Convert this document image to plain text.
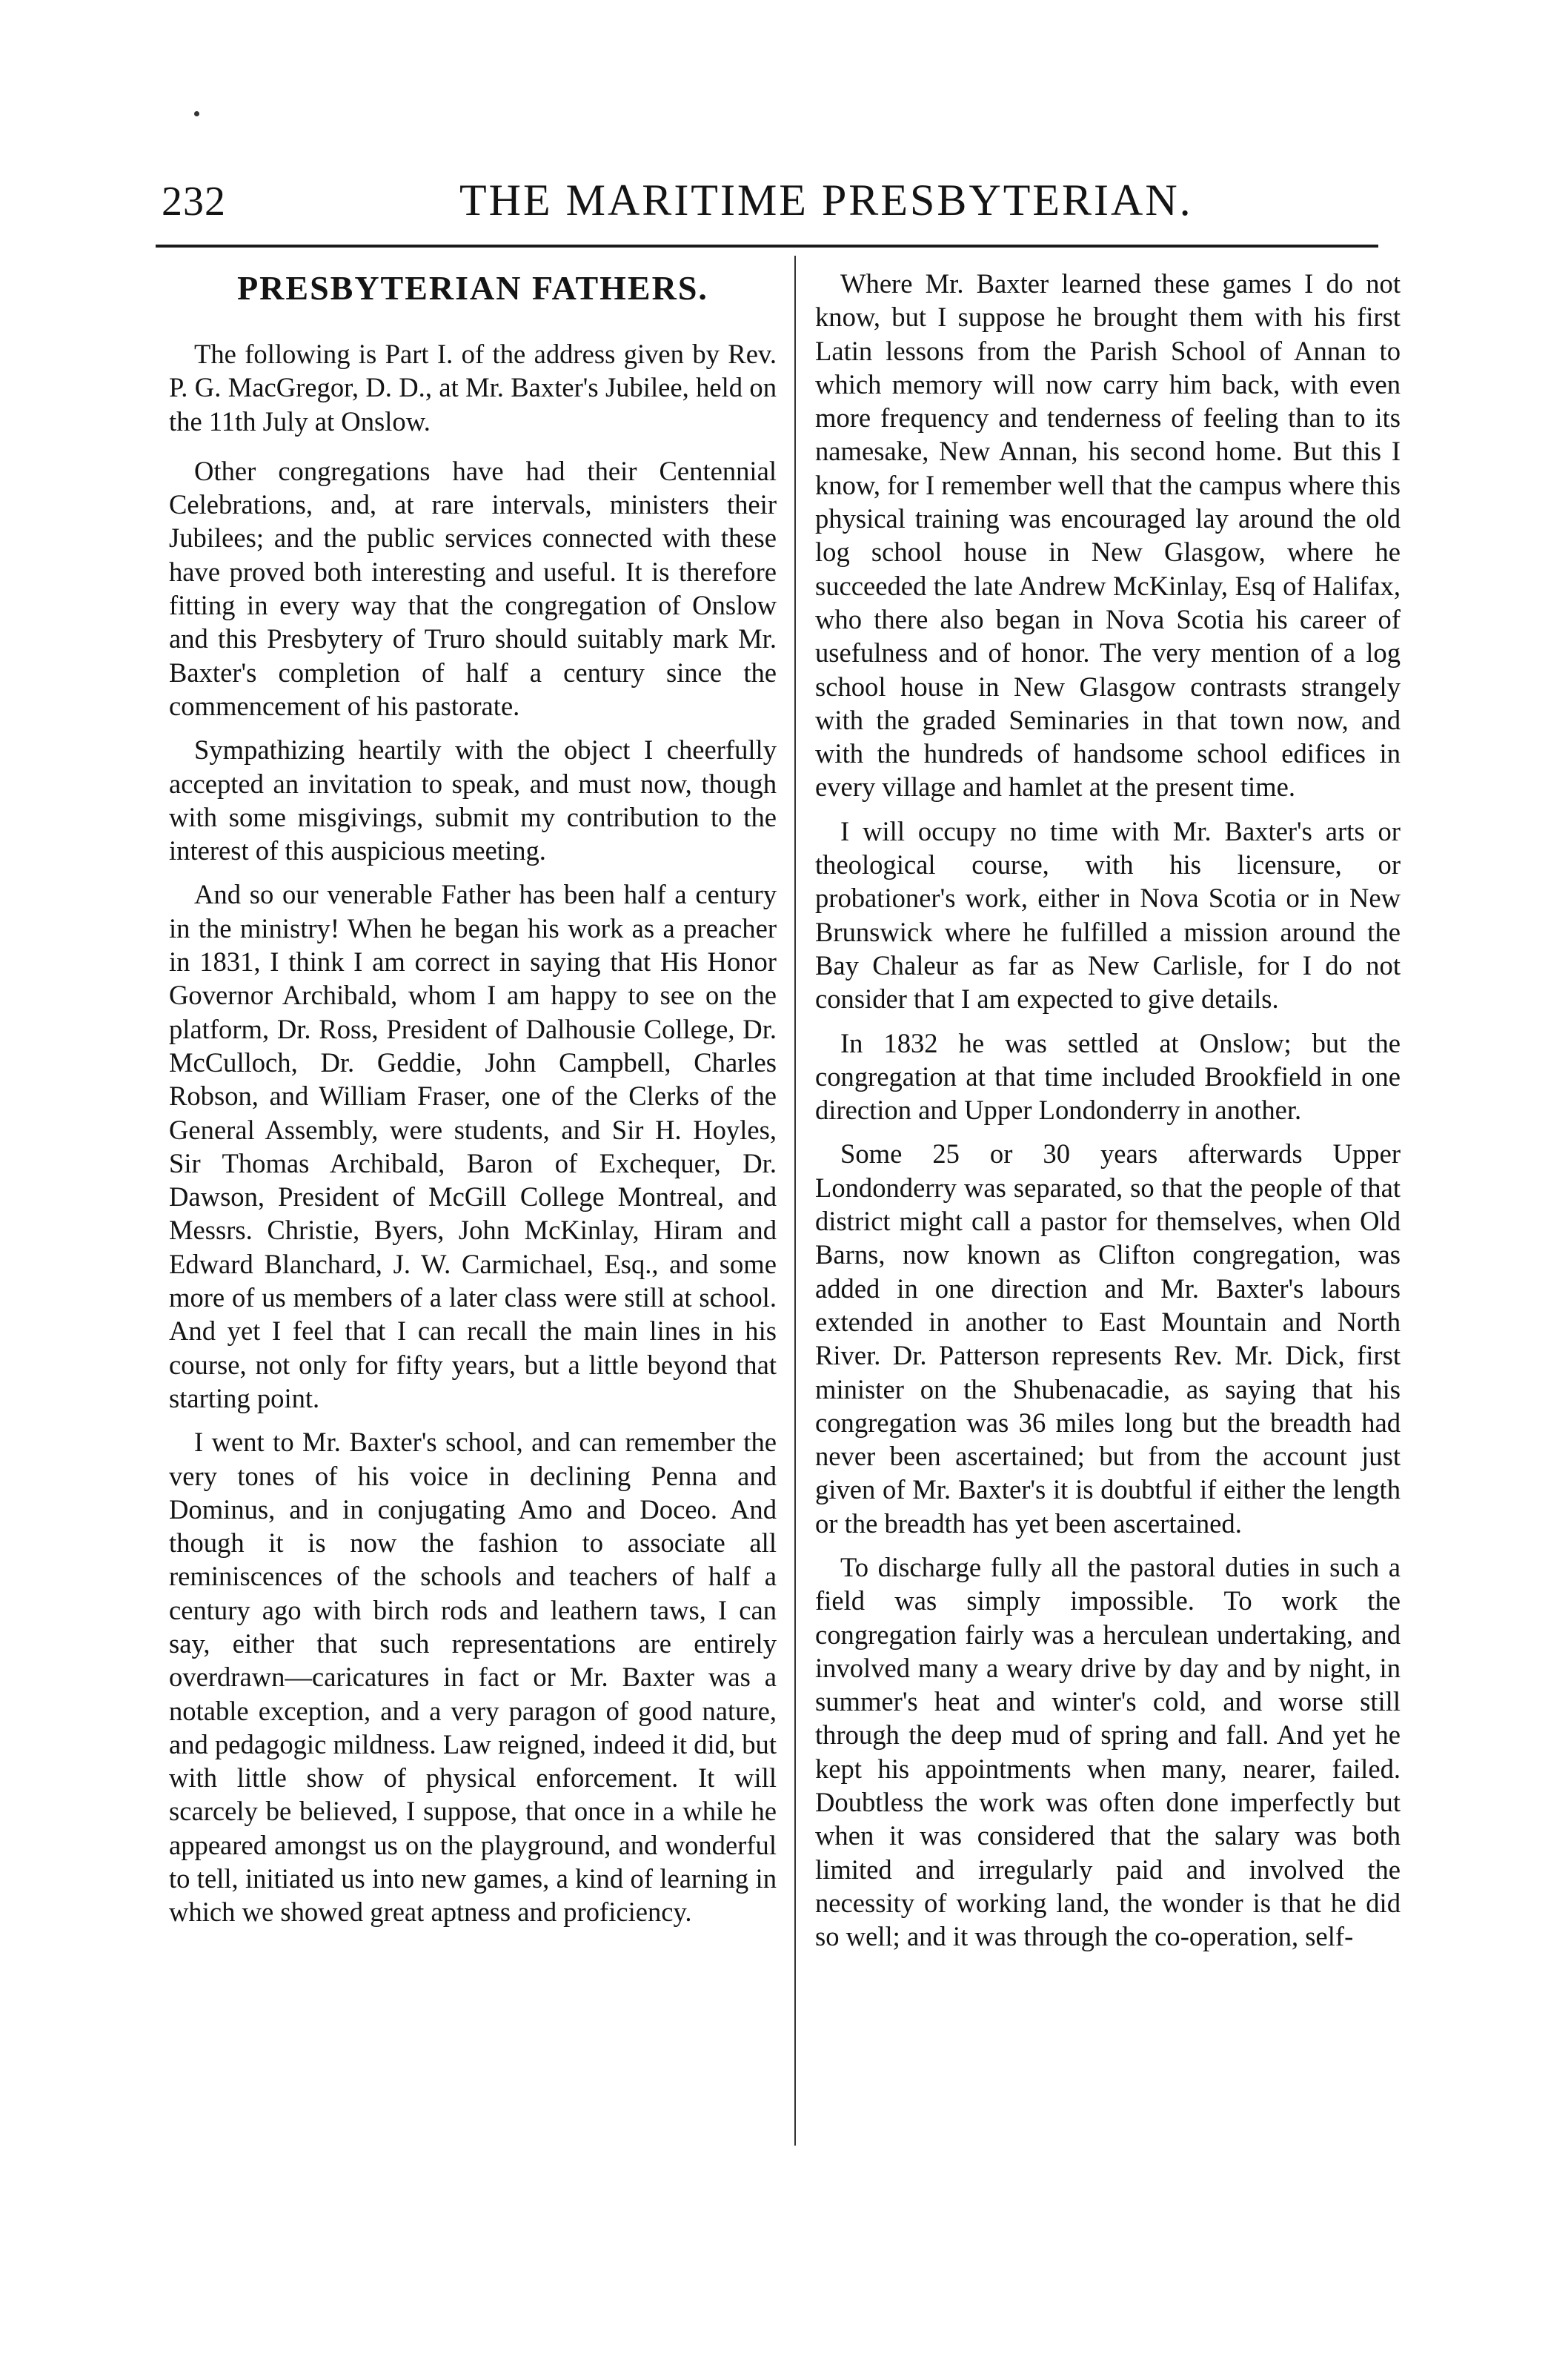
232	THE MARITIME PRESBYTERIAN.
PRESBYTERIAN FATHERS.

The following is Part I. of the address given by Rev. P. G. MacGregor, D. D., at Mr. Baxter's Jubilee, held on the 11th July at Onslow.

Other congregations have had their Centennial Celebrations, and, at rare intervals, ministers their Jubilees; and the public services connected with these have proved both interesting and useful. It is therefore fitting in every way that the congregation of Onslow and this Presbytery of Truro should suitably mark Mr. Baxter's completion of half a century since the commencement of his pastorate.

Sympathizing heartily with the object I cheerfully accepted an invitation to speak, and must now, though with some misgivings, submit my contribution to the interest of this auspicious meeting.

And so our venerable Father has been half a century in the ministry! When he began his work as a preacher in 1831, I think I am correct in saying that His Honor Governor Archibald, whom I am happy to see on the platform, Dr. Ross, President of Dalhousie College, Dr. McCulloch, Dr. Geddie, John Campbell, Charles Robson, and William Fraser, one of the Clerks of the General Assembly, were students, and Sir H. Hoyles, Sir Thomas Archibald, Baron of Exchequer, Dr. Dawson, President of McGill College Montreal, and Messrs. Christie, Byers, John McKinlay, Hiram and Edward Blanchard, J. W. Carmichael, Esq., and some more of us members of a later class were still at school. And yet I feel that I can recall the main lines in his course, not only for fifty years, but a little beyond that starting point.

I went to Mr. Baxter's school, and can remember the very tones of his voice in declining Penna and Dominus, and in conjugating Amo and Doceo. And though it is now the fashion to associate all reminiscences of the schools and teachers of half a century ago with birch rods and leathern taws, I can say, either that such representations are entirely overdrawn—caricatures in fact or Mr. Baxter was a notable exception, and a very paragon of good nature, and pedagogic mildness. Law reigned, indeed it did, but with little show of physical enforcement. It will scarcely be believed, I suppose, that once in a while he appeared amongst us on the playground, and wonderful to tell, initiated us into new games, a kind of learning in which we showed great aptness and proficiency.

Where Mr. Baxter learned these games I do not know, but I suppose he brought them with his first Latin lessons from the Parish School of Annan to which memory will now carry him back, with even more frequency and tenderness of feeling than to its namesake, New Annan, his second home. But this I know, for I remember well that the campus where this physical training was encouraged lay around the old log school house in New Glasgow, where he succeeded the late Andrew McKinlay, Esq of Halifax, who there also began in Nova Scotia his career of usefulness and of honor. The very mention of a log school house in New Glasgow contrasts strangely with the graded Seminaries in that town now, and with the hundreds of handsome school edifices in every village and hamlet at the present time.

I will occupy no time with Mr. Baxter's arts or theological course, with his licensure, or probationer's work, either in Nova Scotia or in New Brunswick where he fulfilled a mission around the Bay Chaleur as far as New Carlisle, for I do not consider that I am expected to give details.

In 1832 he was settled at Onslow; but the congregation at that time included Brookfield in one direction and Upper Londonderry in another.

Some 25 or 30 years afterwards Upper Londonderry was separated, so that the people of that district might call a pastor for themselves, when Old Barns, now known as Clifton congregation, was added in one direction and Mr. Baxter's labours extended in another to East Mountain and North River. Dr. Patterson represents Rev. Mr. Dick, first minister on the Shubenacadie, as saying that his congregation was 36 miles long but the breadth had never been ascertained; but from the account just given of Mr. Baxter's it is doubtful if either the length or the breadth has yet been ascertained.

To discharge fully all the pastoral duties in such a field was simply impossible. To work the congregation fairly was a herculean undertaking, and involved many a weary drive by day and by night, in summer's heat and winter's cold, and worse still through the deep mud of spring and fall. And yet he kept his appointments when many, nearer, failed. Doubtless the work was often done imperfectly but when it was considered that the salary was both limited and irregularly paid and involved the necessity of working land, the wonder is that he did so well; and it was through the co-operation, self-
